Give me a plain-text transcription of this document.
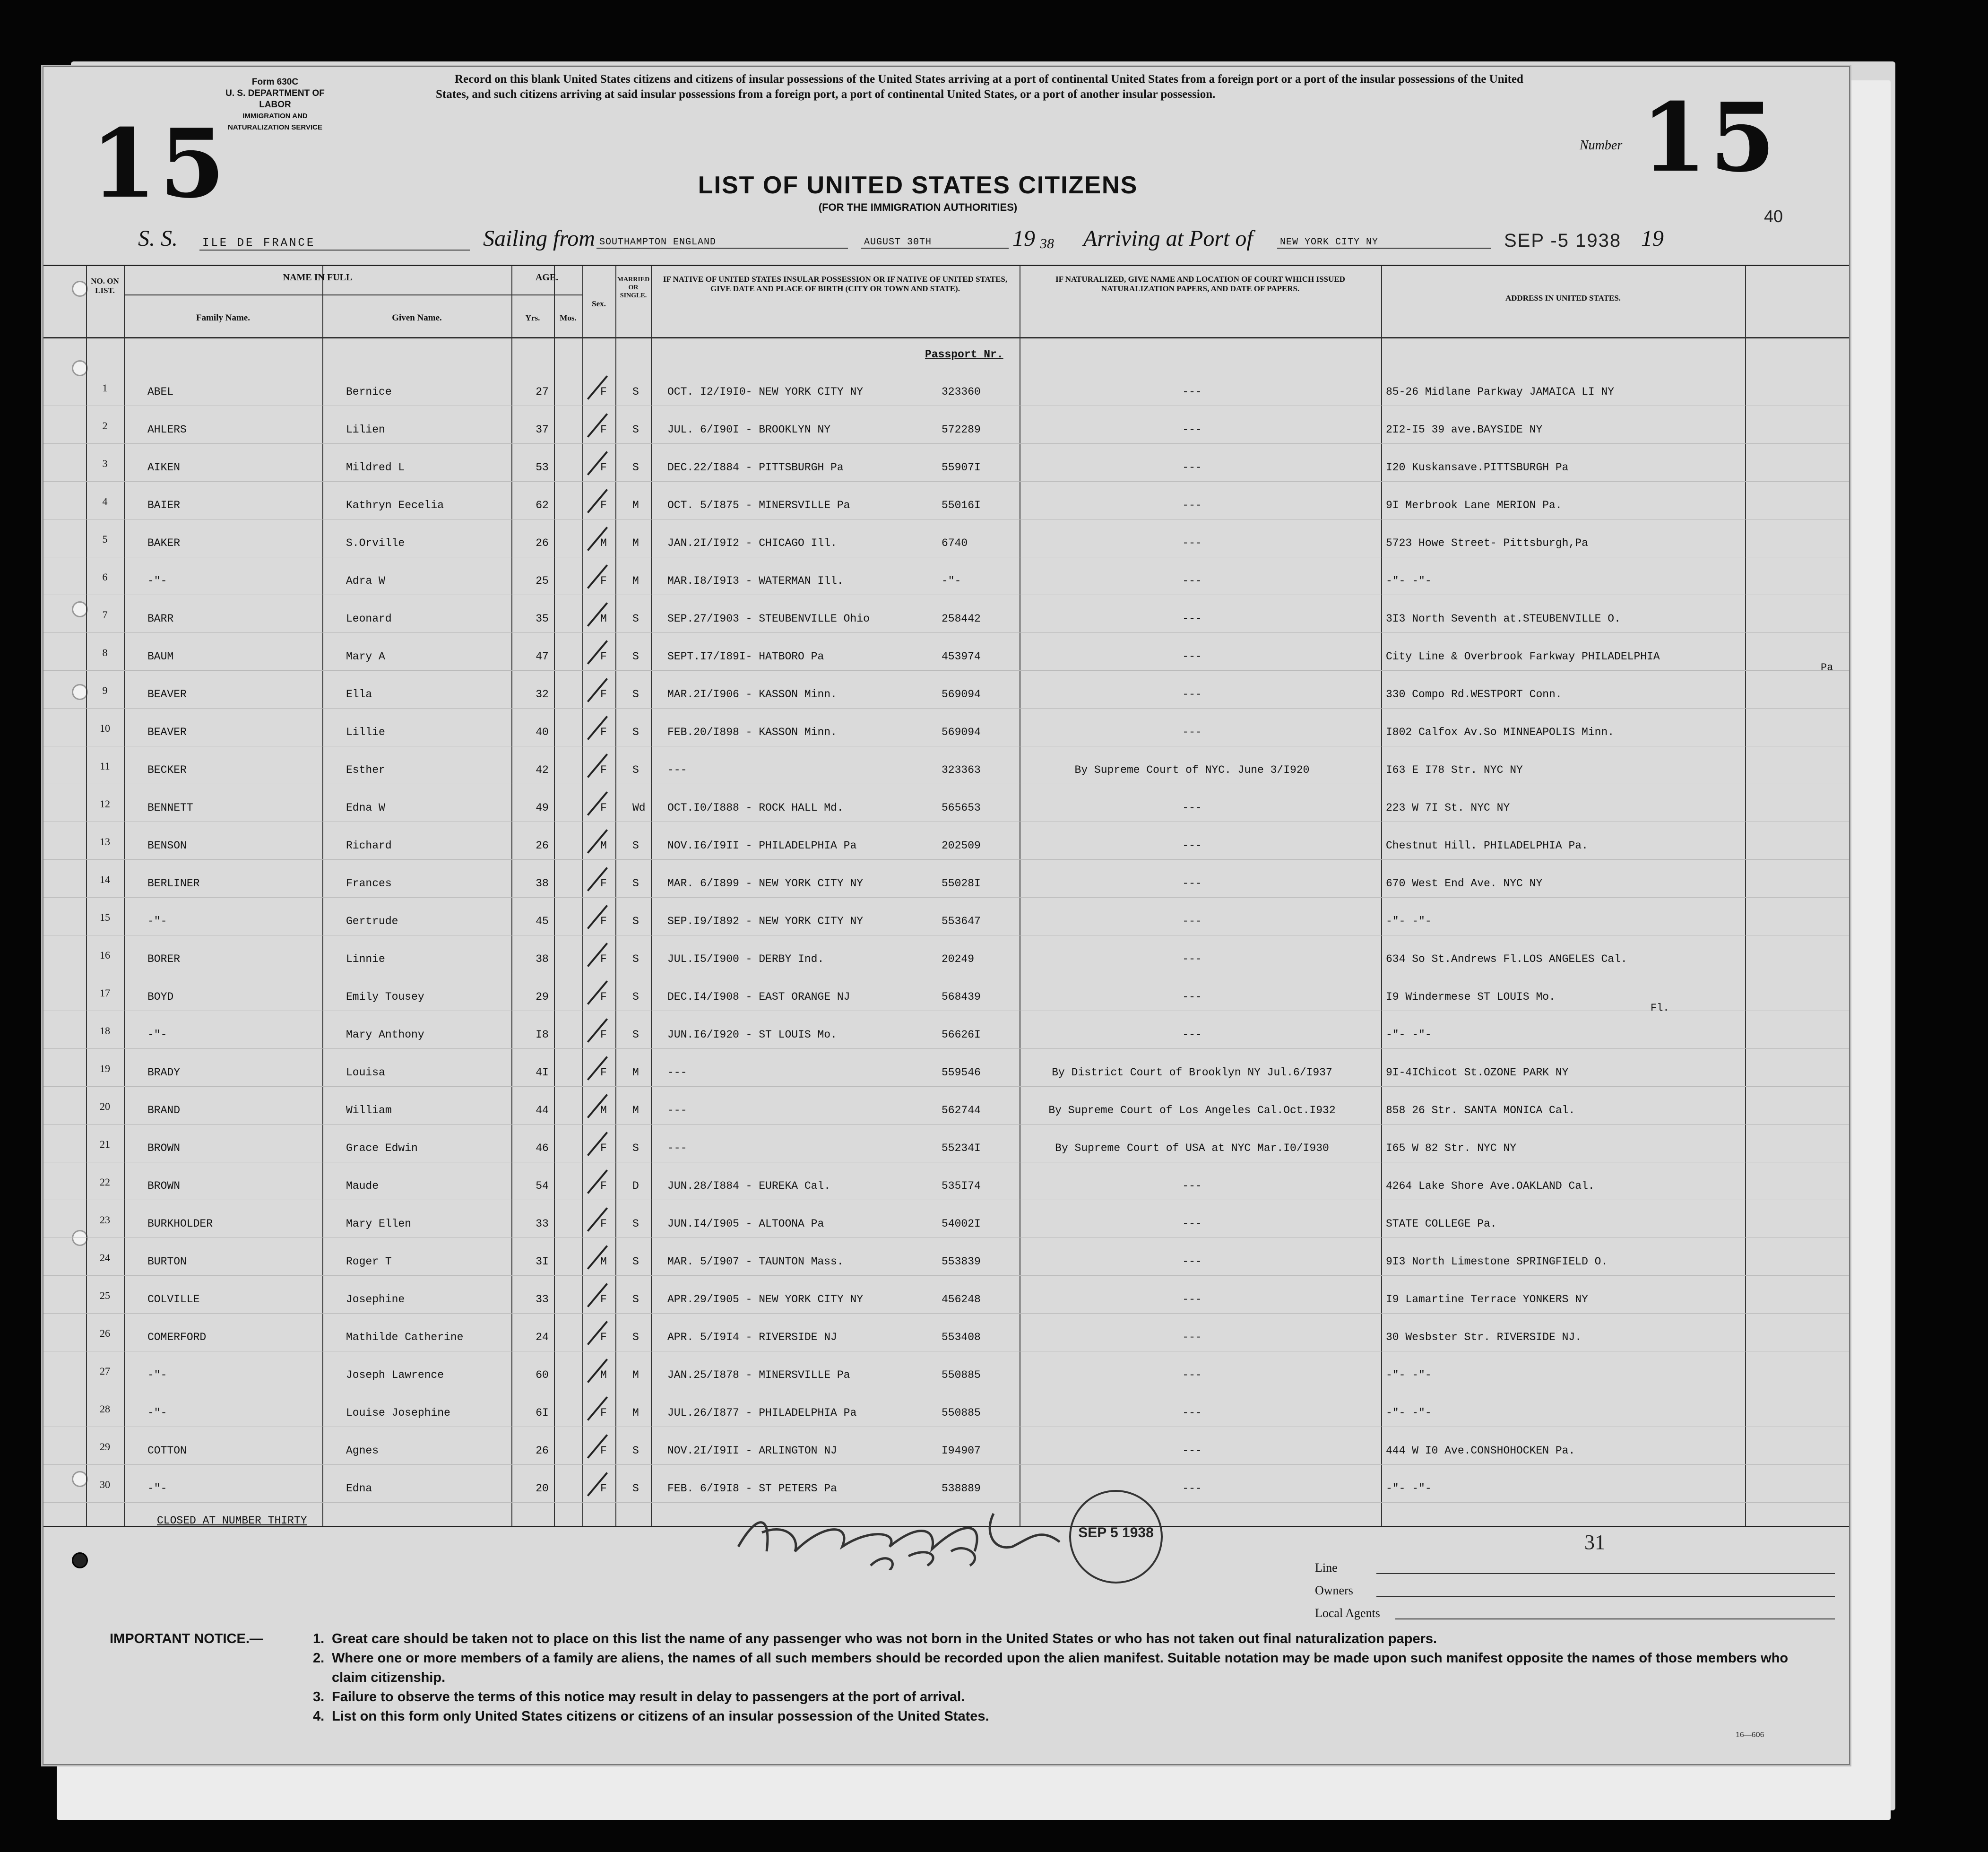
Form 630C
U. S. DEPARTMENT OF LABOR
IMMIGRATION AND NATURALIZATION SERVICE
15
Record on this blank United States citizens and citizens of insular possessions of the United States arriving at a port of continental United States from a foreign port or a port of the insular possessions of the United States, and such citizens arriving at said insular possessions from a foreign port, a port of continental United States, or a port of another insular possession.
Number 15
LIST OF UNITED STATES CITIZENS
(FOR THE IMMIGRATION AUTHORITIES)	40
S. S. ILE DE FRANCE	Sailing from SOUTHAMPTON ENGLAND	AUGUST 30TH	19 38 Arriving at Port of	NEW YORK CITY NY	SEP -5 1938 19
NO. ON LIST.
NAME IN FULL
Family Name.	Given Name.
AGE.
Yrs.	Mos.
Sex.
MARRIED OR SINGLE.
IF NATIVE OF UNITED STATES INSULAR POSSESSION OR IF NATIVE OF UNITED STATES, GIVE DATE AND PLACE OF BIRTH (CITY OR TOWN AND STATE).
IF NATURALIZED, GIVE NAME AND LOCATION OF COURT WHICH ISSUED NATURALIZATION PAPERS, AND DATE OF PAPERS.
ADDRESS IN UNITED STATES.
Passport Nr.
1	ABEL	Bernice	27	F S	OCT. I2/I9I0- NEW YORK CITY NY	323360	---	85-26 Midlane Parkway JAMAICA LI NY
2	AHLERS	Lilien	37	F S	JUL. 6/I90I - BROOKLYN NY	572289	---	2I2-I5 39 ave.BAYSIDE NY
3	AIKEN	Mildred L	53	F S	DEC.22/I884 - PITTSBURGH Pa	55907I	---	I20 Kuskansave.PITTSBURGH Pa
4	BAIER	Kathryn Eecelia	62	F M	OCT. 5/I875 - MINERSVILLE Pa	55016I	---	9I Merbrook Lane MERION Pa.
5	BAKER	S.Orville	26	M M	JAN.2I/I9I2 - CHICAGO Ill.	6740	---	5723 Howe Street- Pittsburgh,Pa
6	-"-	Adra W	25	F M	MAR.I8/I9I3 - WATERMAN Ill.	-"-	---	-"- -"-
7	BARR	Leonard	35	M S	SEP.27/I903 - STEUBENVILLE Ohio	258442	---	3I3 North Seventh at.STEUBENVILLE O.
8	BAUM	Mary A	47	F S	SEPT.I7/I89I- HATBORO Pa	453974	---	City Line & Overbrook Farkway PHILADELPHIA
Pa
9	BEAVER	Ella	32	F S	MAR.2I/I906 - KASSON Minn.	569094	---	330 Compo Rd.WESTPORT Conn.
10	BEAVER	Lillie	40	F S	FEB.20/I898 - KASSON Minn.	569094	---	I802 Calfox Av.So MINNEAPOLIS Minn.
11	BECKER	Esther	42	F S	---	323363	By Supreme Court of NYC. June 3/I920	I63 E I78 Str. NYC NY
12	BENNETT	Edna W	49	F Wd OCT.I0/I888 - ROCK HALL Md.	565653	---	223 W 7I St. NYC NY
13	BENSON	Richard	26	M S	NOV.I6/I9II - PHILADELPHIA Pa	202509	---	Chestnut Hill. PHILADELPHIA Pa.
14	BERLINER	Frances	38	F S	MAR. 6/I899 - NEW YORK CITY NY	55028I	---	670 West End Ave. NYC NY
15	-"-	Gertrude	45	F S	SEP.I9/I892 - NEW YORK CITY NY	553647	---	-"- -"-
16	BORER	Linnie	38	F S	JUL.I5/I900 - DERBY Ind.	20249	---	634 So St.Andrews Fl.LOS ANGELES Cal.
17	BOYD	Emily Tousey	29	F S	DEC.I4/I908 - EAST ORANGE NJ	568439	---	I9 Windermese ST LOUIS Mo.
Fl.
18	-"-	Mary Anthony	I8	F S	JUN.I6/I920 - ST LOUIS Mo.	56626I	---	-"- -"-
19	BRADY	Louisa	4I	F M	---	559546	By District Court of Brooklyn NY Jul.6/I937	9I-4IChicot St.OZONE PARK NY
20	BRAND	William	44	M M	---	562744	By Supreme Court of Los Angeles Cal.Oct.I932	858 26 Str. SANTA MONICA Cal.
21	BROWN	Grace Edwin	46	F S	---	55234I	By Supreme Court of USA at NYC Mar.I0/I930	I65 W 82 Str. NYC NY
22	BROWN	Maude	54	F D	JUN.28/I884 - EUREKA Cal.	535I74	---	4264 Lake Shore Ave.OAKLAND Cal.
23	BURKHOLDER	Mary Ellen	33	F S	JUN.I4/I905 - ALTOONA Pa	54002I	---	STATE COLLEGE Pa.
24	BURTON	Roger T	3I	M S	MAR. 5/I907 - TAUNTON Mass.	553839	---	9I3 North Limestone SPRINGFIELD O.
25	COLVILLE	Josephine	33	F S	APR.29/I905 - NEW YORK CITY NY	456248	---	I9 Lamartine Terrace YONKERS NY
26	COMERFORD	Mathilde Catherine	24	F S	APR. 5/I9I4 - RIVERSIDE NJ	553408	---	30 Wesbster Str. RIVERSIDE NJ.
27	-"-	Joseph Lawrence	60	M M	JAN.25/I878 - MINERSVILLE Pa	550885	---	-"- -"-
28	-"-	Louise Josephine	6I	F M	JUL.26/I877 - PHILADELPHIA Pa	550885	---	-"- -"-
29	COTTON	Agnes	26	F S	NOV.2I/I9II - ARLINGTON NJ	I94907	---	444 W I0 Ave.CONSHOHOCKEN Pa.
30	-"-	Edna	20	F S	FEB. 6/I9I8 - ST PETERS Pa	538889	---	-"- -"-
CLOSED AT NUMBER THIRTY
SEP 5 1938	31
Line
Owners
Local Agents
IMPORTANT NOTICE.—	1. Great care should be taken not to place on this list the name of any passenger who was not born in the United States or who has not taken out final naturalization papers.
2. Where one or more members of a family are aliens, the names of all such members should be recorded upon the alien manifest. Suitable notation may be made upon such manifest opposite the names of those members who claim citizenship.
3. Failure to observe the terms of this notice may result in delay to passengers at the port of arrival.
4. List on this form only United States citizens or citizens of an insular possession of the United States.
16—606
